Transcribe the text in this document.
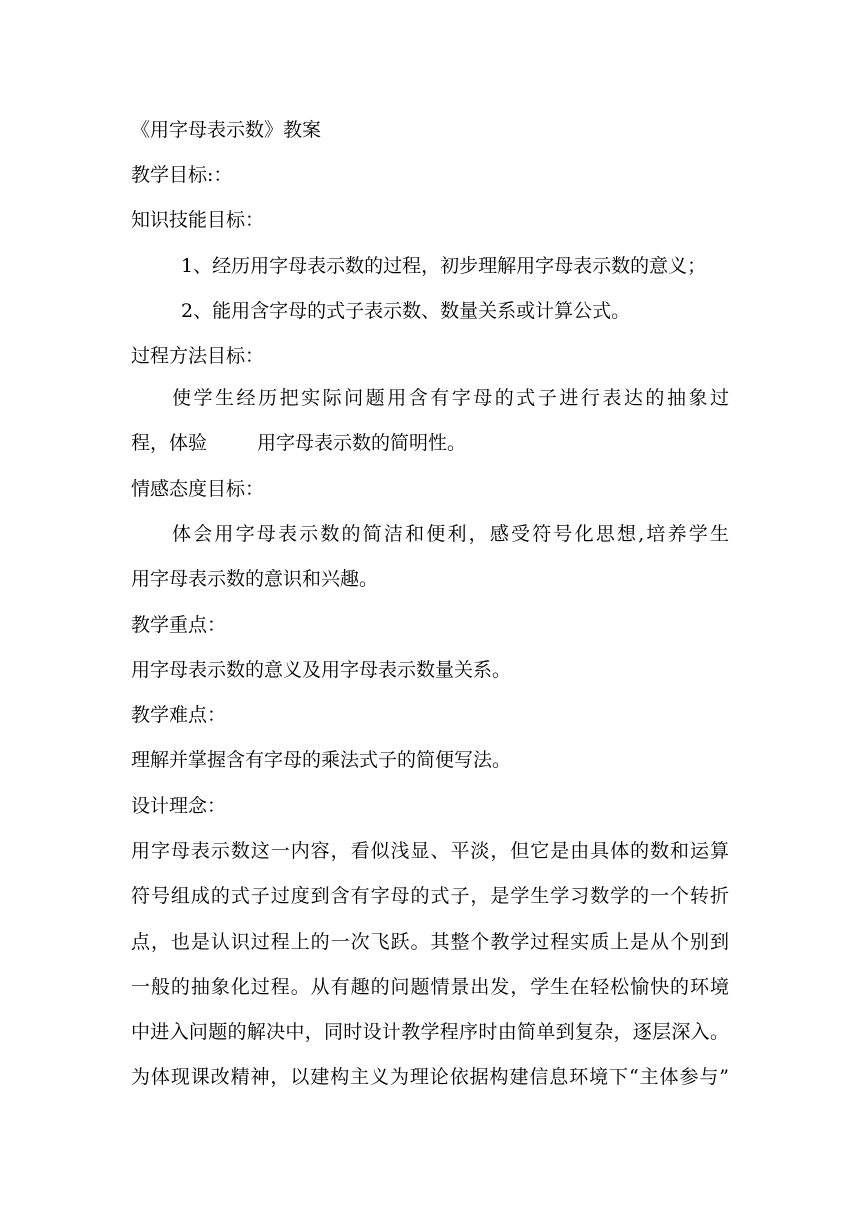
《用字母表示数》教案
教学目标:：
知识技能目标：
1、经历用字母表示数的过程，初步理解用字母表示数的意义；
2、能用含字母的式子表示数、数量关系或计算公式。
过程方法目标：
使学生经历把实际问题用含有字母的式子进行表达的抽象过
程，体验	用字母表示数的简明性。
情感态度目标：
体会用字母表示数的简洁和便利，感受符号化思想,培养学生
用字母表示数的意识和兴趣。
教学重点：
用字母表示数的意义及用字母表示数量关系。
教学难点：
理解并掌握含有字母的乘法式子的简便写法。
设计理念：
用字母表示数这一内容，看似浅显、平淡，但它是由具体的数和运算
符号组成的式子过度到含有字母的式子，是学生学习数学的一个转折
点，也是认识过程上的一次飞跃。其整个教学过程实质上是从个别到
一般的抽象化过程。从有趣的问题情景出发，学生在轻松愉快的环境
中进入问题的解决中，同时设计教学程序时由简单到复杂，逐层深入。
为体现课改精神，以建构主义为理论依据构建信息环境下“主体参与”
